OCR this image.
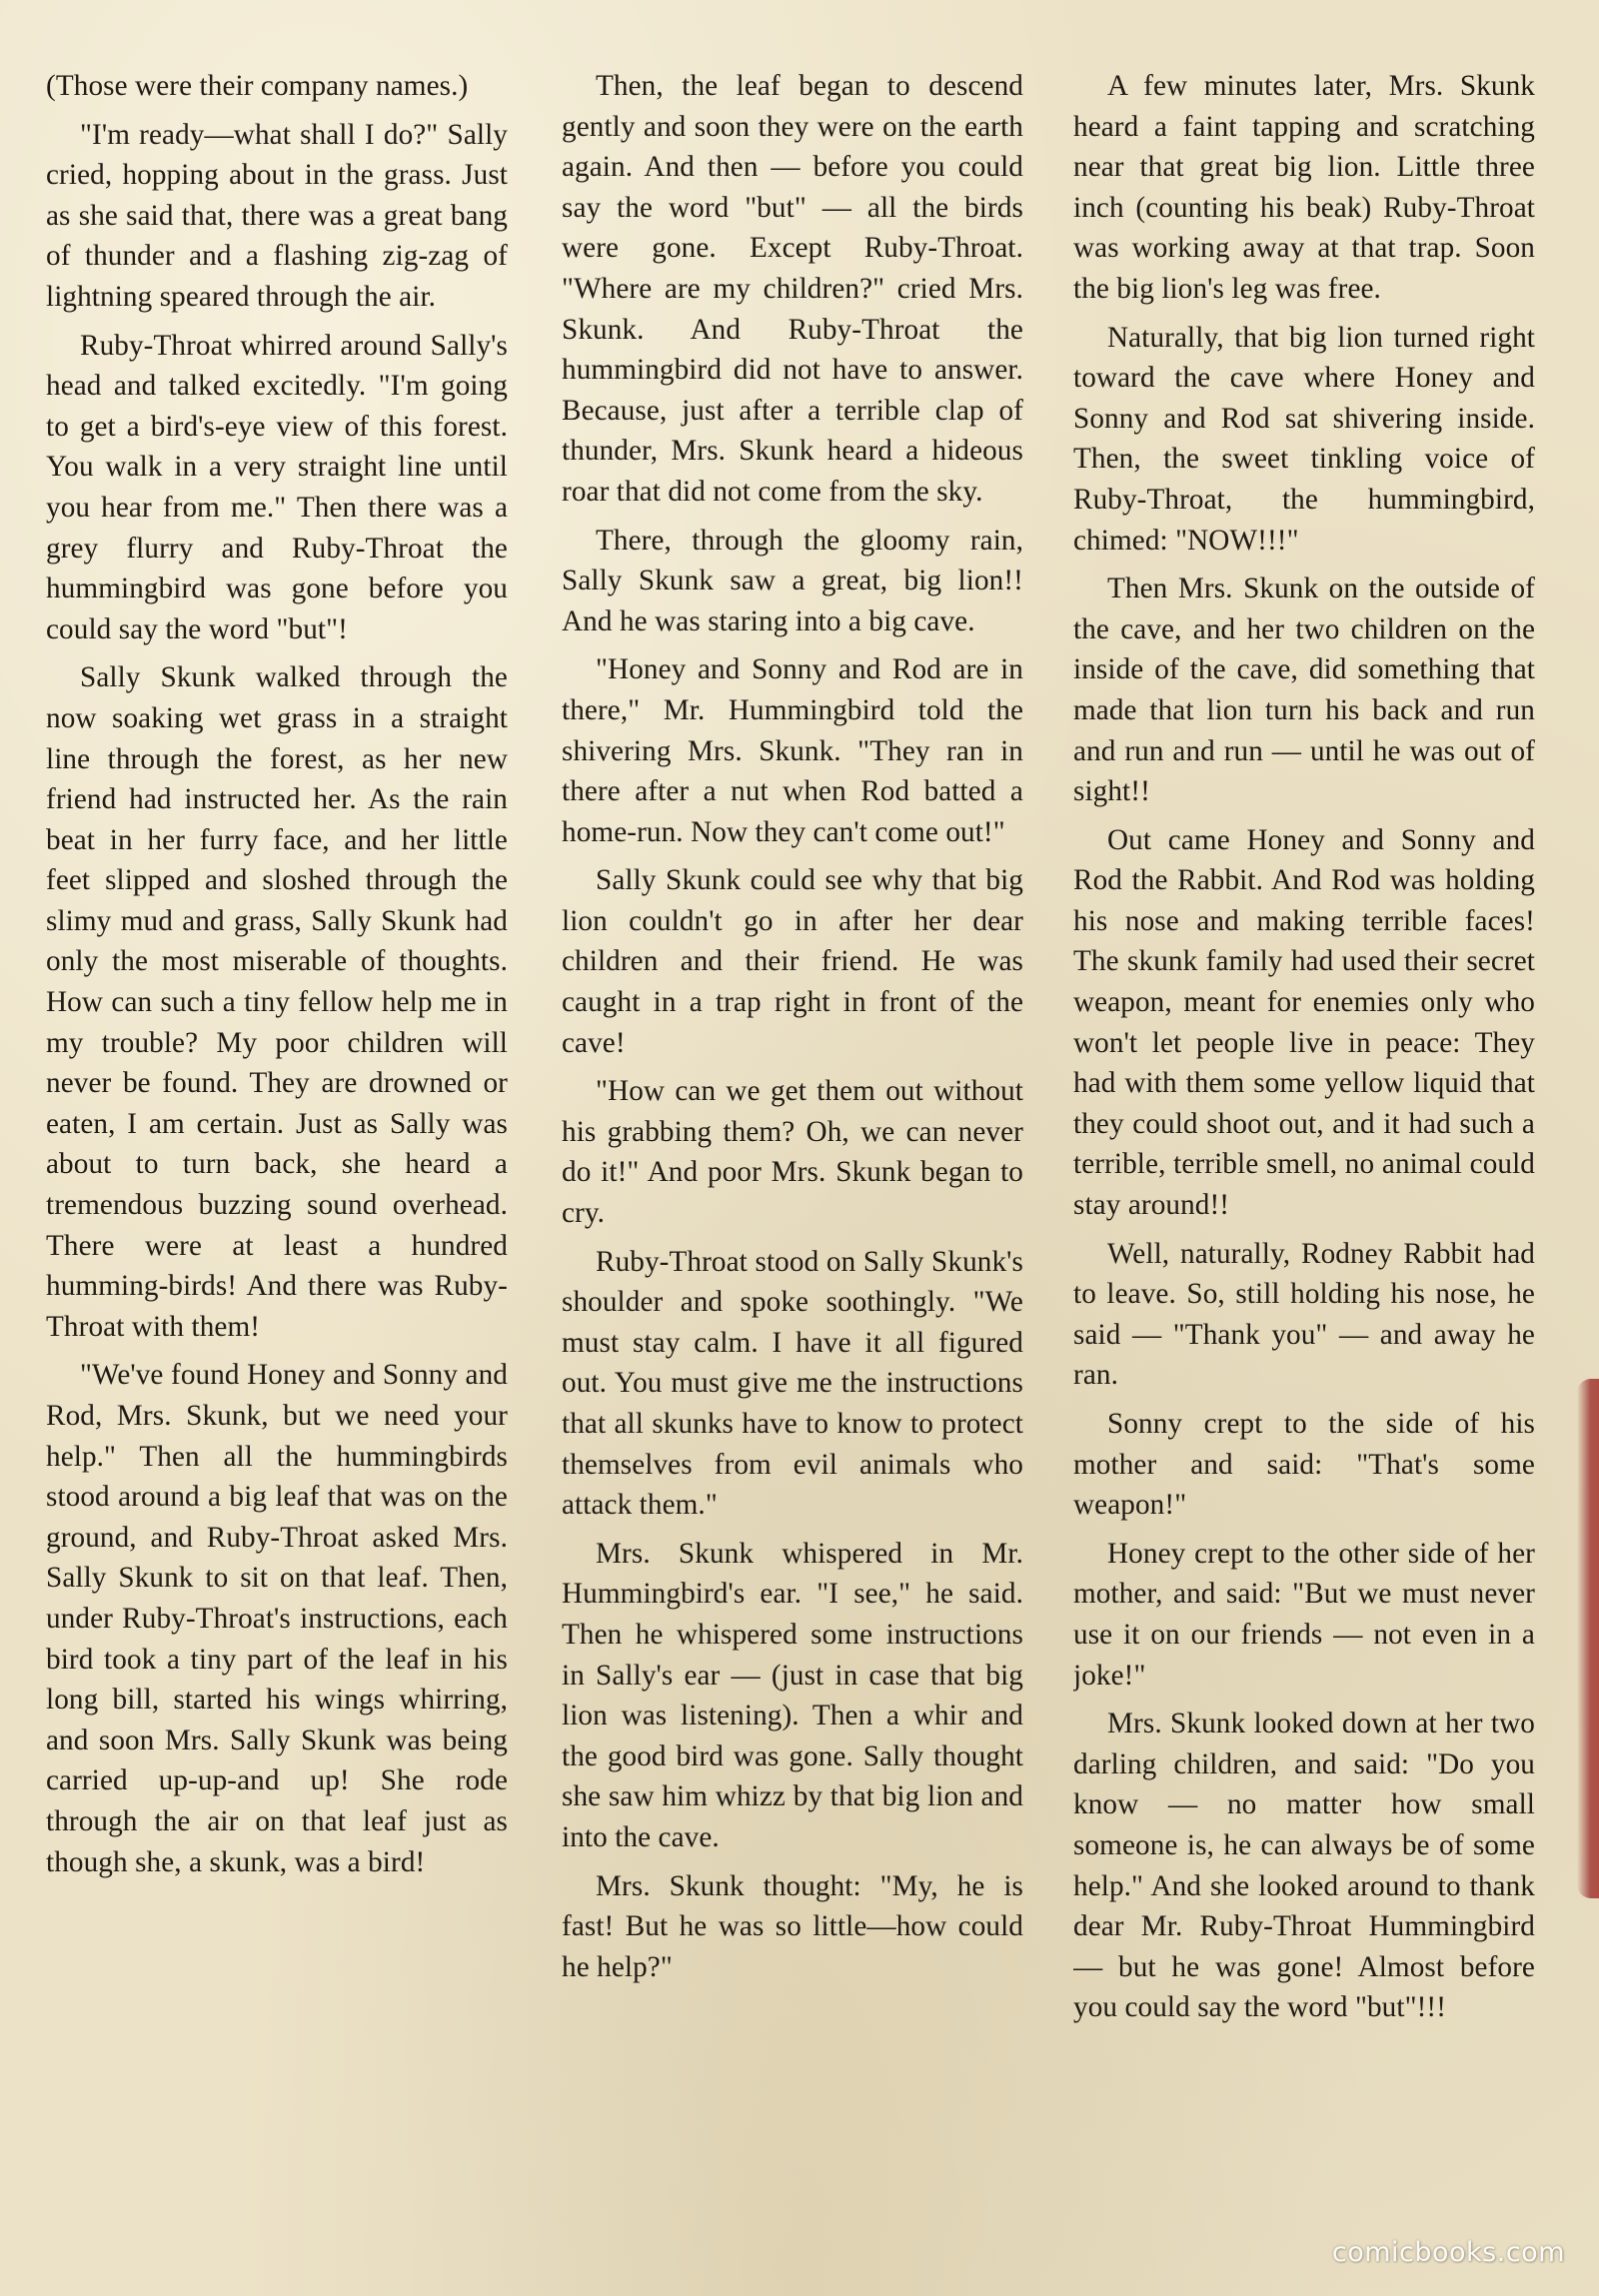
(Those were their company names.)

"I'm ready—what shall I do?" Sally cried, hopping about in the grass. Just as she said that, there was a great bang of thunder and a flashing zig-zag of lightning speared through the air.

Ruby-Throat whirred around Sally's head and talked excitedly. "I'm going to get a bird's-eye view of this forest. You walk in a very straight line until you hear from me." Then there was a grey flurry and Ruby-Throat the hummingbird was gone before you could say the word "but"!

Sally Skunk walked through the now soaking wet grass in a straight line through the forest, as her new friend had instructed her. As the rain beat in her furry face, and her little feet slipped and sloshed through the slimy mud and grass, Sally Skunk had only the most miserable of thoughts. How can such a tiny fellow help me in my trouble? My poor children will never be found. They are drowned or eaten, I am certain. Just as Sally was about to turn back, she heard a tremendous buzzing sound overhead. There were at least a hundred humming-birds! And there was Ruby-Throat with them!

"We've found Honey and Sonny and Rod, Mrs. Skunk, but we need your help." Then all the hummingbirds stood around a big leaf that was on the ground, and Ruby-Throat asked Mrs. Sally Skunk to sit on that leaf. Then, under Ruby-Throat's instructions, each bird took a tiny part of the leaf in his long bill, started his wings whirring, and soon Mrs. Sally Skunk was being carried up-up-and up! She rode through the air on that leaf just as though she, a skunk, was a bird!

Then, the leaf began to descend gently and soon they were on the earth again. And then — before you could say the word "but" — all the birds were gone. Except Ruby-Throat. "Where are my children?" cried Mrs. Skunk. And Ruby-Throat the hummingbird did not have to answer. Because, just after a terrible clap of thunder, Mrs. Skunk heard a hideous roar that did not come from the sky.

There, through the gloomy rain, Sally Skunk saw a great, big lion!! And he was staring into a big cave.

"Honey and Sonny and Rod are in there," Mr. Hummingbird told the shivering Mrs. Skunk. "They ran in there after a nut when Rod batted a home-run. Now they can't come out!"

Sally Skunk could see why that big lion couldn't go in after her dear children and their friend. He was caught in a trap right in front of the cave!

"How can we get them out without his grabbing them? Oh, we can never do it!" And poor Mrs. Skunk began to cry.

Ruby-Throat stood on Sally Skunk's shoulder and spoke soothingly. "We must stay calm. I have it all figured out. You must give me the instructions that all skunks have to know to protect themselves from evil animals who attack them."

Mrs. Skunk whispered in Mr. Hummingbird's ear. "I see," he said. Then he whispered some instructions in Sally's ear — (just in case that big lion was listening). Then a whir and the good bird was gone. Sally thought she saw him whizz by that big lion and into the cave.

Mrs. Skunk thought: "My, he is fast! But he was so little—how could he help?"

A few minutes later, Mrs. Skunk heard a faint tapping and scratching near that great big lion. Little three inch (counting his beak) Ruby-Throat was working away at that trap. Soon the big lion's leg was free.

Naturally, that big lion turned right toward the cave where Honey and Sonny and Rod sat shivering inside. Then, the sweet tinkling voice of Ruby-Throat, the hummingbird, chimed: "NOW!!!"

Then Mrs. Skunk on the outside of the cave, and her two children on the inside of the cave, did something that made that lion turn his back and run and run and run — until he was out of sight!!

Out came Honey and Sonny and Rod the Rabbit. And Rod was holding his nose and making terrible faces! The skunk family had used their secret weapon, meant for enemies only who won't let people live in peace: They had with them some yellow liquid that they could shoot out, and it had such a terrible, terrible smell, no animal could stay around!!

Well, naturally, Rodney Rabbit had to leave. So, still holding his nose, he said — "Thank you" — and away he ran.

Sonny crept to the side of his mother and said: "That's some weapon!"

Honey crept to the other side of her mother, and said: "But we must never use it on our friends — not even in a joke!"

Mrs. Skunk looked down at her two darling children, and said: "Do you know — no matter how small someone is, he can always be of some help." And she looked around to thank dear Mr. Ruby-Throat Hummingbird — but he was gone! Almost before you could say the word "but"!!!

comicbooks.com
